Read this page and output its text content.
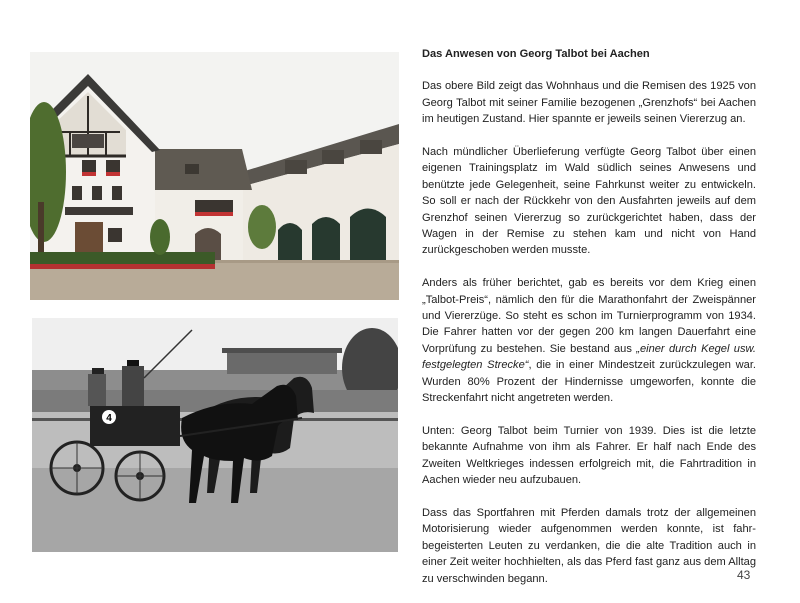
4
Das Anwesen von Georg Talbot bei Aachen

Das obere Bild zeigt das Wohnhaus und die Remisen des 1925 von Georg Talbot mit seiner Familie bezogenen „Grenzhofs“ bei Aachen im heutigen Zustand. Hier spannte er jeweils seinen Viererzug an.

Nach mündlicher Überlieferung verfügte Georg Talbot über einen eigenen Trainingsplatz im Wald südlich seines Anwesens und benützte jede Gelegenheit, seine Fahrkunst weiter zu entwickeln. So soll er nach der Rückkehr von den Ausfahrten jeweils auf dem Grenzhof seinen Viererzug so zurückgerichtet haben, dass der Wagen in der Remise zu stehen kam und nicht von Hand zurückgeschoben werden musste.

Anders als früher berichtet, gab es bereits vor dem Krieg einen „Talbot-Preis“, nämlich den für die Marathonfahrt der Zweispänner und Viererzüge. So steht es schon im Turnierprogramm von 1934. Die Fahrer hatten vor der gegen 200 km langen Dauerfahrt eine Vorprüfung zu bestehen. Sie bestand aus „einer durch Kegel usw. festgelegten Strecke“, die in einer Mindestzeit zurückzulegen war. Wurden 80% Prozent der Hindernisse umgeworfen, konnte die Streckenfahrt nicht angetreten werden.

Unten: Georg Talbot beim Turnier von 1939. Dies ist die letzte bekannte Aufnahme von ihm als Fahrer. Er half nach Ende des Zweiten Weltkrieges indessen erfolgreich mit, die Fahrtradition in Aachen wieder neu aufzubauen.

Dass das Sportfahren mit Pferden damals trotz der allgemeinen Motorisierung wieder aufgenommen werden konnte, ist fahr-begeisterten Leuten zu verdanken, die die alte Tradition auch in einer Zeit weiter hochhielten, als das Pferd fast ganz aus dem Alltag zu verschwinden begann.	43
